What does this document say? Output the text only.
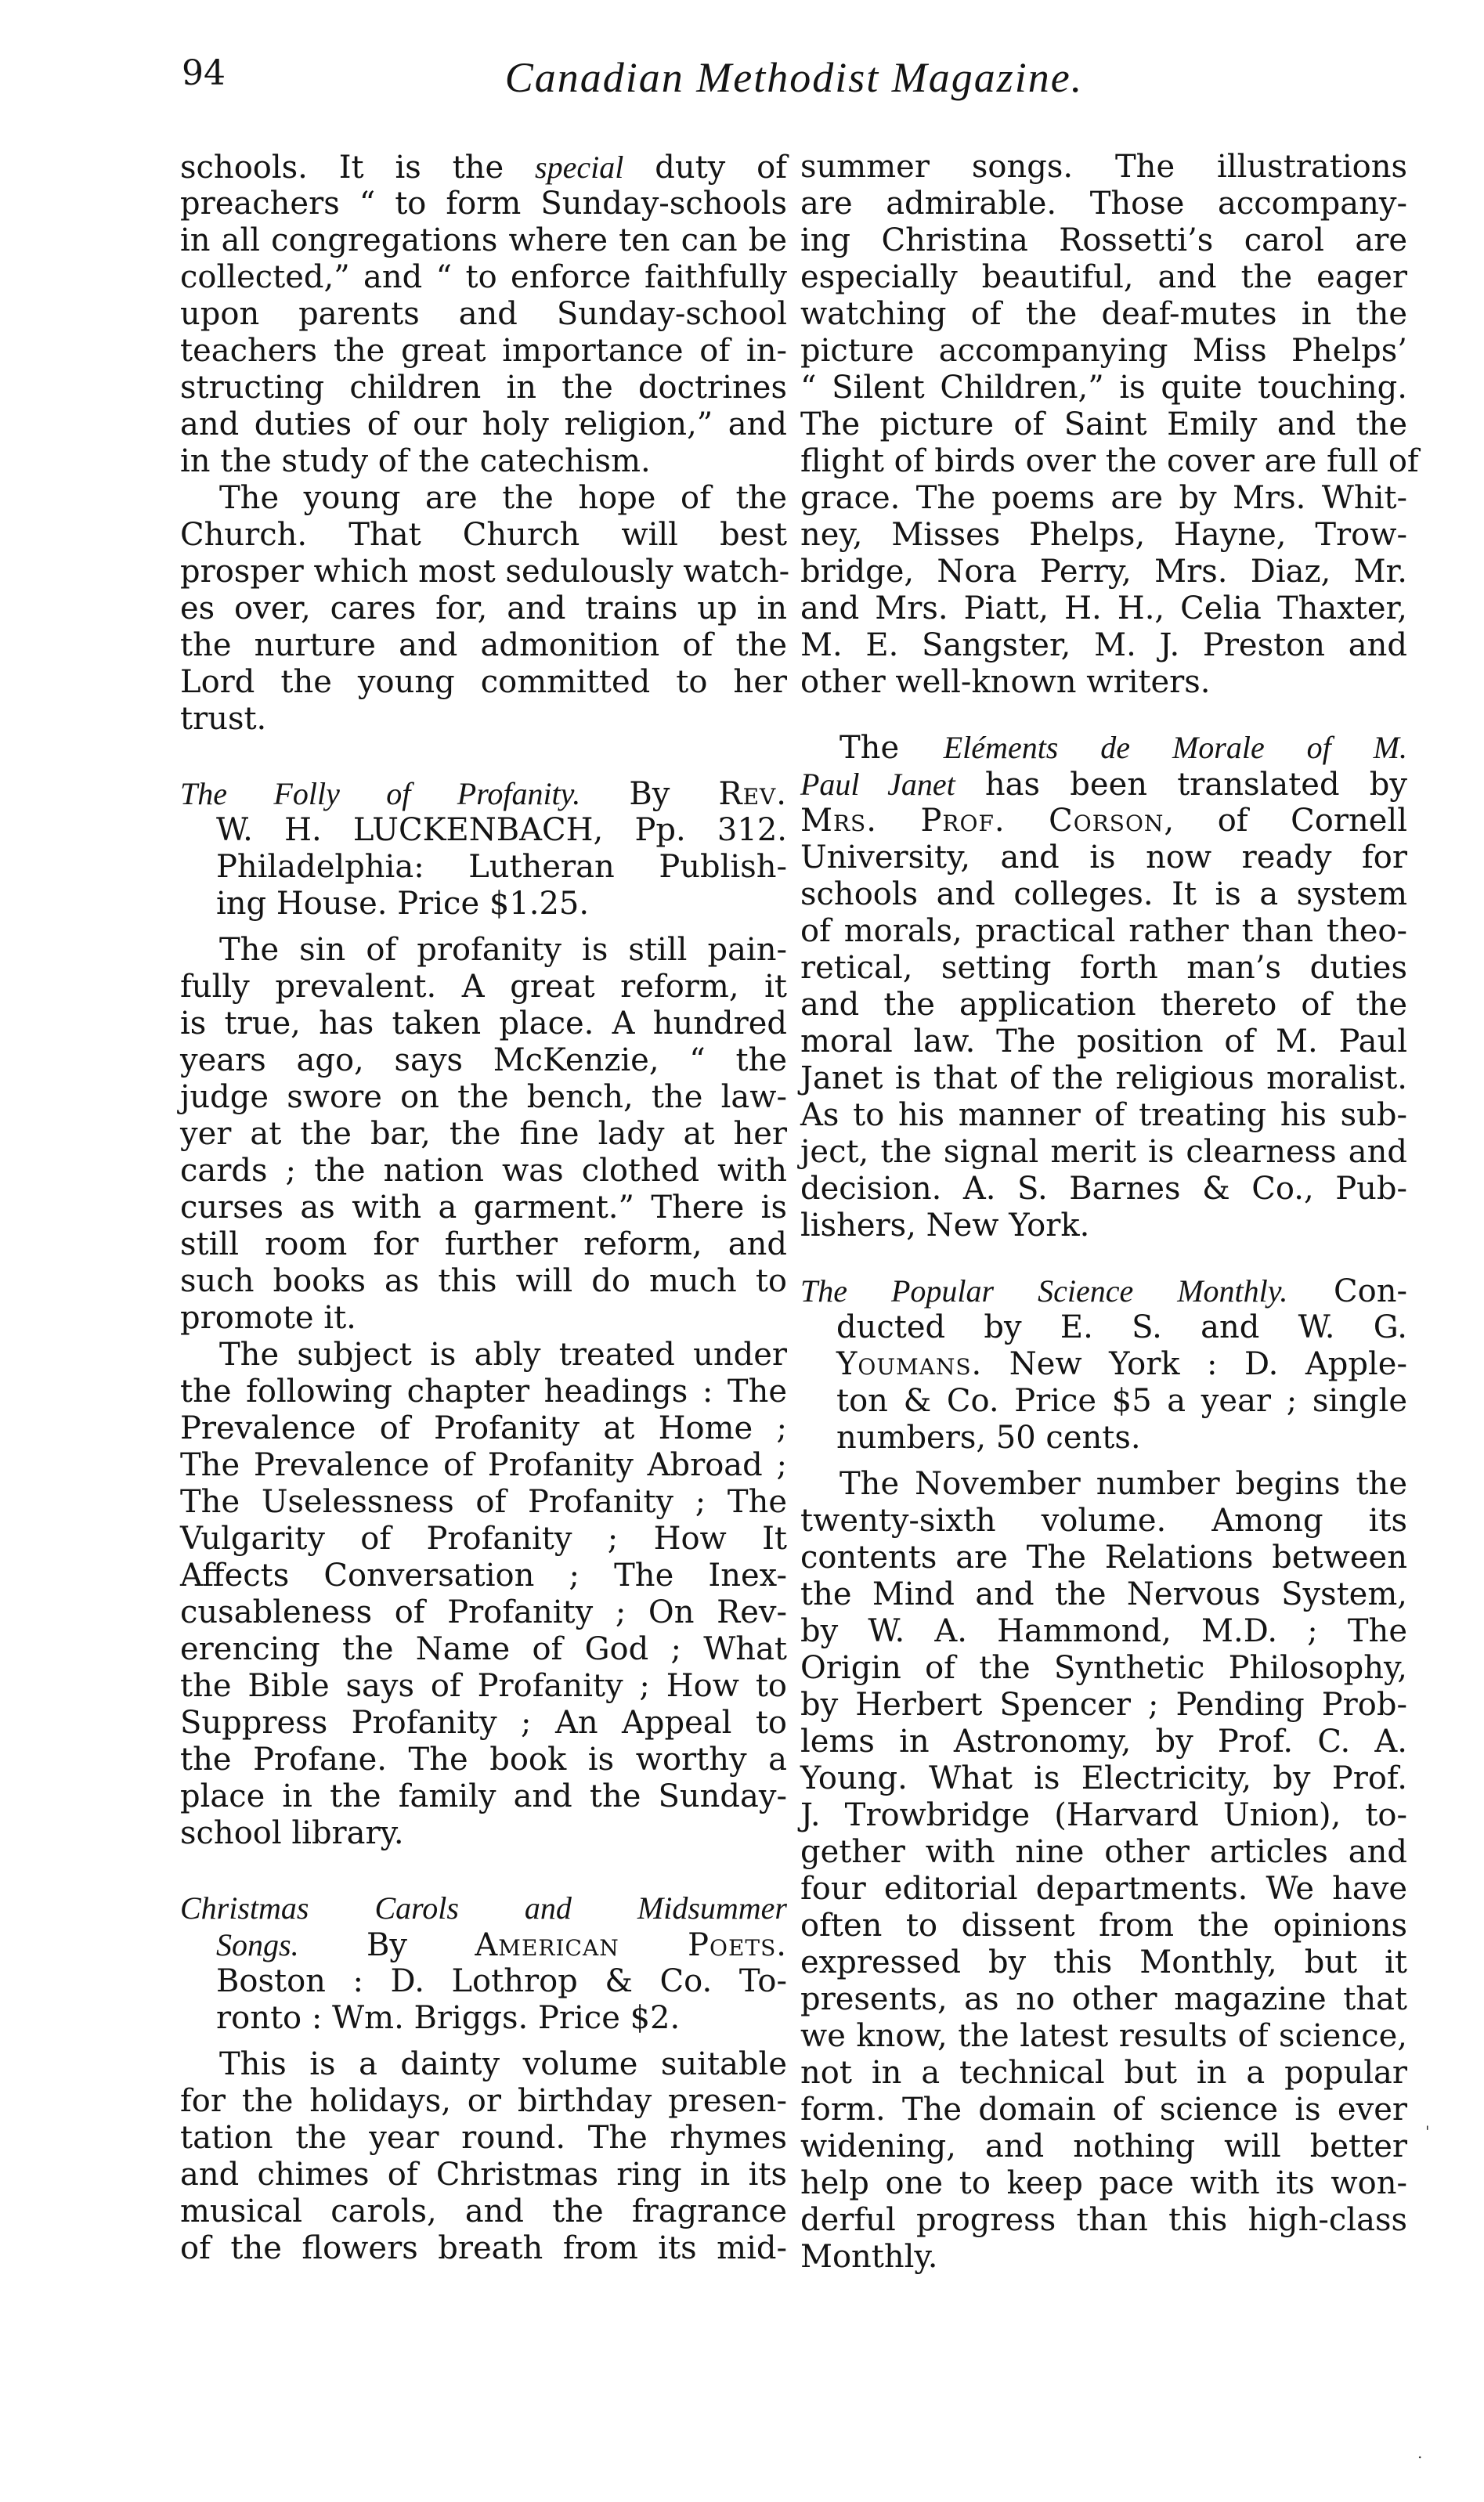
94	Canadian Methodist Magazine.
schools. It is the special duty of
preachers “ to form Sunday-schools
in all congregations where ten can be
collected,” and “ to enforce faithfully
upon parents and Sunday-school
teachers the great importance of in-
structing children in the doctrines
and duties of our holy religion,” and
in the study of the catechism.
The young are the hope of the
Church. That Church will best
prosper which most sedulously watch-
es over, cares for, and trains up in
the nurture and admonition of the
Lord the young committed to her
trust.
The Folly of Profanity. By Rev.
W. H. LUCKENBACH, Pp. 312.
Philadelphia: Lutheran Publish-
ing House. Price $1.25.
The sin of profanity is still pain-
fully prevalent. A great reform, it
is true, has taken place. A hundred
years ago, says McKenzie, “ the
judge swore on the bench, the law-
yer at the bar, the fine lady at her
cards ; the nation was clothed with
curses as with a garment.” There is
still room for further reform, and
such books as this will do much to
promote it.
The subject is ably treated under
the following chapter headings : The
Prevalence of Profanity at Home ;
The Prevalence of Profanity Abroad ;
The Uselessness of Profanity ; The
Vulgarity of Profanity ; How It
Affects Conversation ; The Inex-
cusableness of Profanity ; On Rev-
erencing the Name of God ; What
the Bible says of Profanity ; How to
Suppress Profanity ; An Appeal to
the Profane. The book is worthy a
place in the family and the Sunday-
school library.
Christmas Carols and Midsummer
Songs. By American Poets.
Boston : D. Lothrop & Co. To-
ronto : Wm. Briggs. Price $2.
This is a dainty volume suitable
for the holidays, or birthday presen-
tation the year round. The rhymes
and chimes of Christmas ring in its
musical carols, and the fragrance
of the flowers breath from its mid-
summer songs. The illustrations
are admirable. Those accompany-
ing Christina Rossetti’s carol are
especially beautiful, and the eager
watching of the deaf-mutes in the
picture accompanying Miss Phelps’
“ Silent Children,” is quite touching.
The picture of Saint Emily and the
flight of birds over the cover are full of
grace. The poems are by Mrs. Whit-
ney, Misses Phelps, Hayne, Trow-
bridge, Nora Perry, Mrs. Diaz, Mr.
and Mrs. Piatt, H. H., Celia Thaxter,
M. E. Sangster, M. J. Preston and
other well-known writers.
The Eléments de Morale of M.
Paul Janet has been translated by
Mrs. Prof. Corson, of Cornell
University, and is now ready for
schools and colleges. It is a system
of morals, practical rather than theo-
retical, setting forth man’s duties
and the application thereto of the
moral law. The position of M. Paul
Janet is that of the religious moralist.
As to his manner of treating his sub-
ject, the signal merit is clearness and
decision. A. S. Barnes & Co., Pub-
lishers, New York.
The Popular Science Monthly. Con-
ducted by E. S. and W. G.
Youmans. New York : D. Apple-
ton & Co. Price $5 a year ; single
numbers, 50 cents.
The November number begins the
twenty-sixth volume. Among its
contents are The Relations between
the Mind and the Nervous System,
by W. A. Hammond, M.D. ; The
Origin of the Synthetic Philosophy,
by Herbert Spencer ; Pending Prob-
lems in Astronomy, by Prof. C. A.
Young. What is Electricity, by Prof.
J. Trowbridge (Harvard Union), to-
gether with nine other articles and
four editorial departments. We have
often to dissent from the opinions
expressed by this Monthly, but it
presents, as no other magazine that
we know, the latest results of science,
not in a technical but in a popular
form. The domain of science is ever
widening, and nothing will better
help one to keep pace with its won-
derful progress than this high-class
Monthly.
'
.
